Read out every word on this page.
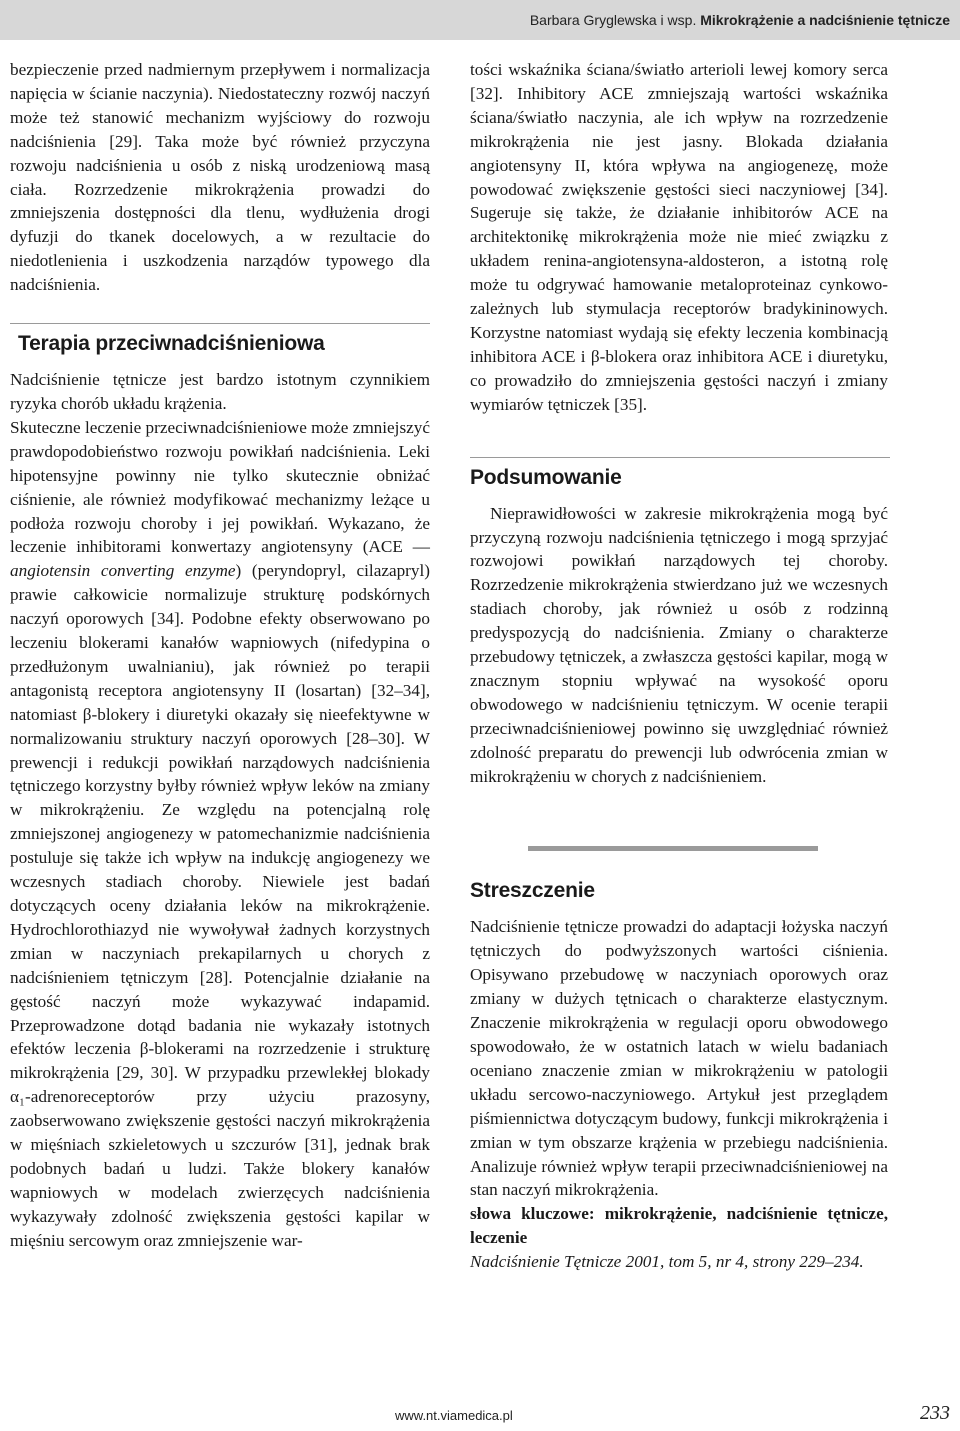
Barbara Gryglewska i wsp. Mikrokrążenie a nadciśnienie tętnicze

bezpieczenie przed nadmiernym przepływem i normalizacja napięcia w ścianie naczynia). Niedostateczny rozwój naczyń może też stanowić mechanizm wyjściowy do rozwoju nadciśnienia [29]. Taka może być również przyczyna rozwoju nadciśnienia u osób z niską urodzeniową masą ciała. Rozrzedzenie mikrokrążenia prowadzi do zmniejszenia dostępności dla tlenu, wydłużenia drogi dyfuzji do tkanek docelowych, a w rezultacie do niedotlenienia i uszkodzenia narządów typowego dla nadciśnienia.

Terapia przeciwnadciśnieniowa

Nadciśnienie tętnicze jest bardzo istotnym czynnikiem ryzyka chorób układu krążenia.

Skuteczne leczenie przeciwnadciśnieniowe może zmniejszyć prawdopodobieństwo rozwoju powikłań nadciśnienia. Leki hipotensyjne powinny nie tylko skutecznie obniżać ciśnienie, ale również modyfikować mechanizmy leżące u podłoża rozwoju choroby i jej powikłań. Wykazano, że leczenie inhibitorami konwertazy angiotensyny (ACE — angiotensin converting enzyme) (peryndopryl, cilazapryl) prawie całkowicie normalizuje strukturę podskórnych naczyń oporowych [34]. Podobne efekty obserwowano po leczeniu blokerami kanałów wapniowych (nifedypina o przedłużonym uwalnianiu), jak również po terapii antagonistą receptora angiotensyny II (losartan) [32–34], natomiast β-blokery i diuretyki okazały się nieefektywne w normalizowaniu struktury naczyń oporowych [28–30]. W prewencji i redukcji powikłań narządowych nadciśnienia tętniczego korzystny byłby również wpływ leków na zmiany w mikrokrążeniu. Ze względu na potencjalną rolę zmniejszonej angiogenezy w patomechanizmie nadciśnienia postuluje się także ich wpływ na indukcję angiogenezy we wczesnych stadiach choroby. Niewiele jest badań dotyczących oceny działania leków na mikrokrążenie. Hydrochlorothiazyd nie wywoływał żadnych korzystnych zmian w naczyniach prekapilarnych u chorych z nadciśnieniem tętniczym [28]. Potencjalnie działanie na gęstość naczyń może wykazywać indapamid. Przeprowadzone dotąd badania nie wykazały istotnych efektów leczenia β-blokerami na rozrzedzenie i strukturę mikrokrążenia [29, 30]. W przypadku przewlekłej blokady α₁-adrenoreceptorów przy użyciu prazosyny, zaobserwowano zwiększenie gęstości naczyń mikrokrążenia w mięśniach szkieletowych u szczurów [31], jednak brak podobnych badań u ludzi. Także blokery kanałów wapniowych w modelach zwierzęcych nadciśnienia wykazywały zdolność zwiększenia gęstości kapilar w mięśniu sercowym oraz zmniejszenie war-

tości wskaźnika ściana/światło arterioli lewej komory serca [32]. Inhibitory ACE zmniejszają wartości wskaźnika ściana/światło naczynia, ale ich wpływ na rozrzedzenie mikrokrążenia nie jest jasny. Blokada działania angiotensyny II, która wpływa na angiogenezę, może powodować zwiększenie gęstości sieci naczyniowej [34]. Sugeruje się także, że działanie inhibitorów ACE na architektonikę mikrokrążenia może nie mieć związku z układem renina-angiotensyna-aldosteron, a istotną rolę może tu odgrywać hamowanie metaloproteinaz cynkowo-zależnych lub stymulacja receptorów bradykininowych. Korzystne natomiast wydają się efekty leczenia kombinacją inhibitora ACE i β-blokera oraz inhibitora ACE i diuretyku, co prowadziło do zmniejszenia gęstości naczyń i zmiany wymiarów tętniczek [35].

Podsumowanie

Nieprawidłowości w zakresie mikrokrążenia mogą być przyczyną rozwoju nadciśnienia tętniczego i mogą sprzyjać rozwojowi powikłań narządowych tej choroby. Rozrzedzenie mikrokrążenia stwierdzano już we wczesnych stadiach choroby, jak również u osób z rodzinną predyspozycją do nadciśnienia. Zmiany o charakterze przebudowy tętniczek, a zwłaszcza gęstości kapilar, mogą w znacznym stopniu wpływać na wysokość oporu obwodowego w nadciśnieniu tętniczym. W ocenie terapii przeciwnadciśnieniowej powinno się uwzględniać również zdolność preparatu do prewencji lub odwrócenia zmian w mikrokrążeniu w chorych z nadciśnieniem.

Streszczenie

Nadciśnienie tętnicze prowadzi do adaptacji łożyska naczyń tętniczych do podwyższonych wartości ciśnienia. Opisywano przebudowę w naczyniach oporowych oraz zmiany w dużych tętnicach o charakterze elastycznym. Znaczenie mikrokrążenia w regulacji oporu obwodowego spowodowało, że w ostatnich latach w wielu badaniach oceniano znaczenie zmian w mikrokrążeniu w patologii układu sercowo-naczyniowego. Artykuł jest przeglądem piśmiennictwa dotyczącym budowy, funkcji mikrokrążenia i zmian w tym obszarze krążenia w przebiegu nadciśnienia. Analizuje również wpływ terapii przeciwnadciśnieniowej na stan naczyń mikrokrążenia.

słowa kluczowe: mikrokrążenie, nadciśnienie tętnicze, leczenie

Nadciśnienie Tętnicze 2001, tom 5, nr 4, strony 229–234.

www.nt.viamedica.pl	233
